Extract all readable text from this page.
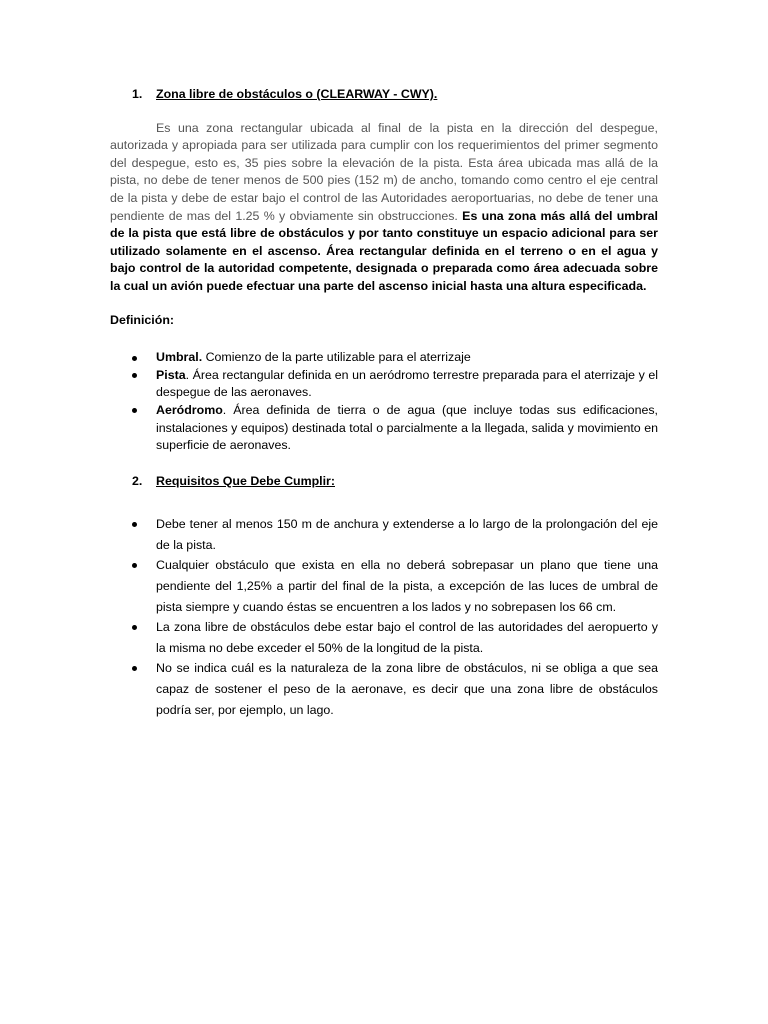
1.	Zona libre de obstáculos o (CLEARWAY - CWY).

Es una zona rectangular ubicada al final de la pista en la dirección del despegue, autorizada y apropiada para ser utilizada para cumplir con los requerimientos del primer segmento del despegue, esto es, 35 pies sobre la elevación de la pista. Esta área ubicada mas allá de la pista, no debe de tener menos de 500 pies (152 m) de ancho, tomando como centro el eje central de la pista y debe de estar bajo el control de las Autoridades aeroportuarias, no debe de tener una pendiente de mas del 1.25 % y obviamente sin obstrucciones. Es una zona más allá del umbral de la pista que está libre de obstáculos y por tanto constituye un espacio adicional para ser utilizado solamente en el ascenso. Área rectangular definida en el terreno o en el agua y bajo control de la autoridad competente, designada o preparada como área adecuada sobre la cual un avión puede efectuar una parte del ascenso inicial hasta una altura especificada.

Definición:
Umbral. Comienzo de la parte utilizable para el aterrizaje
Pista. Área rectangular definida en un aeródromo terrestre preparada para el aterrizaje y el despegue de las aeronaves.
Aeródromo. Área definida de tierra o de agua (que incluye todas sus edificaciones, instalaciones y equipos) destinada total o parcialmente a la llegada, salida y movimiento en superficie de aeronaves.
2.	Requisitos Que Debe Cumplir:
Debe tener al menos 150 m de anchura y extenderse a lo largo de la prolongación del eje de la pista.
Cualquier obstáculo que exista en ella no deberá sobrepasar un plano que tiene una pendiente del 1,25% a partir del final de la pista, a excepción de las luces de umbral de pista siempre y cuando éstas se encuentren a los lados y no sobrepasen los 66 cm.
La zona libre de obstáculos debe estar bajo el control de las autoridades del aeropuerto y la misma no debe exceder el 50% de la longitud de la pista.
No se indica cuál es la naturaleza de la zona libre de obstáculos, ni se obliga a que sea capaz de sostener el peso de la aeronave, es decir que una zona libre de obstáculos podría ser, por ejemplo, un lago.
